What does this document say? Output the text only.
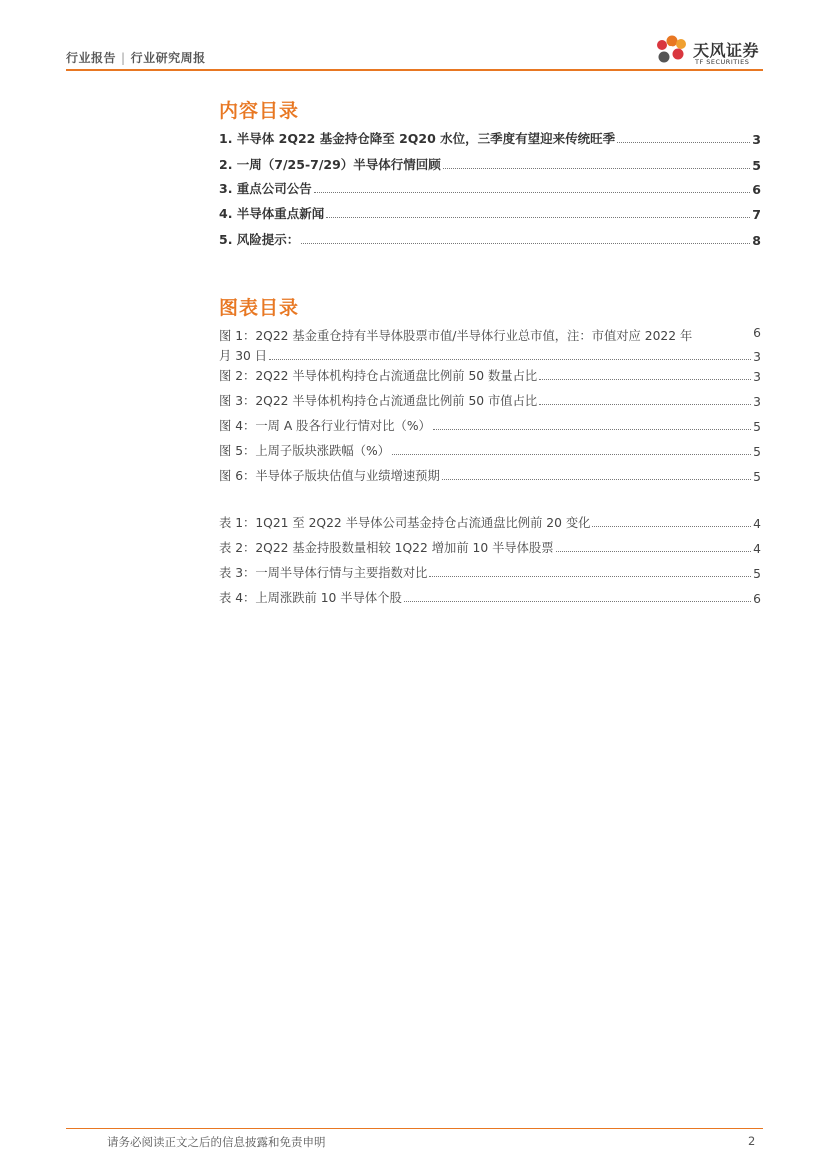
行业报告 | 行业研究周报	天风证券
TF SECURITIES
内容目录
1. 半导体 2Q22 基金持仓降至 2Q20 水位，三季度有望迎来传统旺季	3
2. 一周（7/25-7/29）半导体行情回顾	5
3. 重点公司公告	6
4. 半导体重点新闻	7
5. 风险提示：	8
图表目录
图 1：2Q22 基金重仓持有半导体股票市值/半导体行业总市值，注：市值对应 2022 年	6
月 30 日	3
图 2：2Q22 半导体机构持仓占流通盘比例前 50 数量占比	3
图 3：2Q22 半导体机构持仓占流通盘比例前 50 市值占比	3
图 4：一周 A 股各行业行情对比（%）	5
图 5：上周子版块涨跌幅（%）	5
图 6：半导体子版块估值与业绩增速预期	5
表 1：1Q21 至 2Q22 半导体公司基金持仓占流通盘比例前 20 变化	4
表 2：2Q22 基金持股数量相较 1Q22 增加前 10 半导体股票	4
表 3：一周半导体行情与主要指数对比	5
表 4：上周涨跌前 10 半导体个股	6
请务必阅读正文之后的信息披露和免责申明	2
